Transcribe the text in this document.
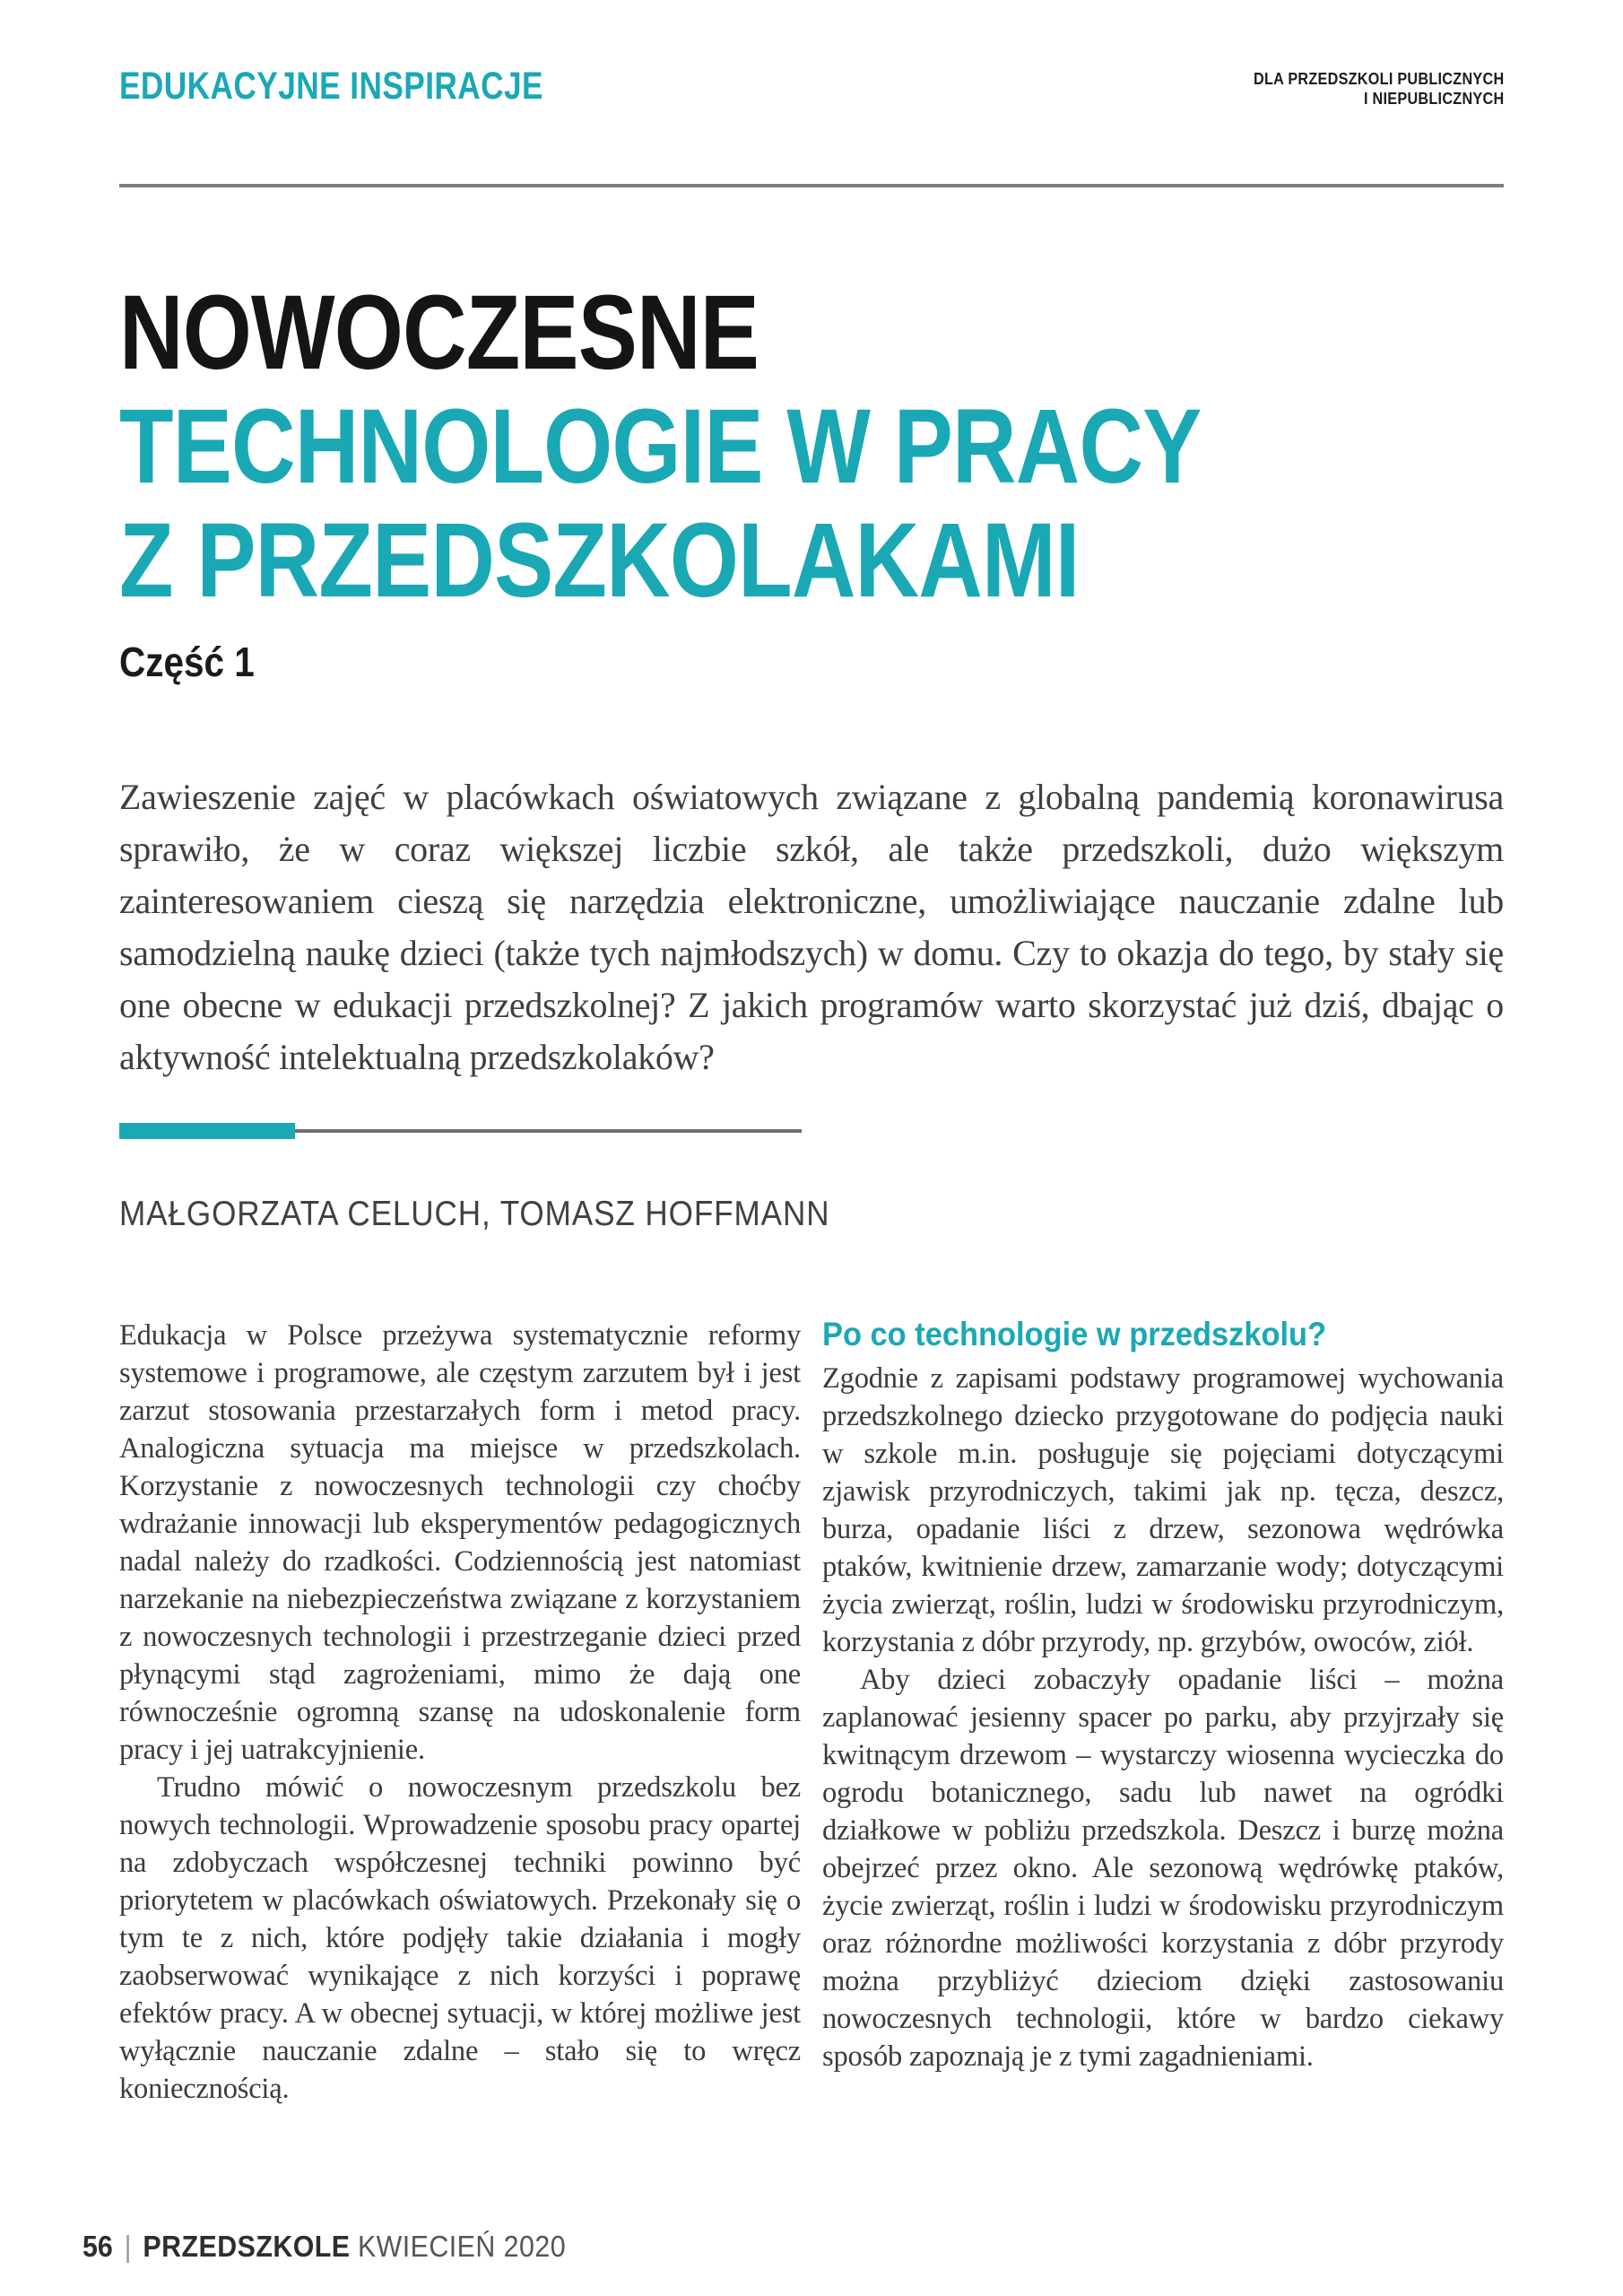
EDUKACYJNE INSPIRACJE	DLA PRZEDSZKOLI PUBLICZNYCH
I NIEPUBLICZNYCH
NOWOCZESNE
TECHNOLOGIE W PRACY
Z PRZEDSZKOLAKAMI
Część 1

Zawieszenie zajęć w placówkach oświatowych związane z globalną pandemią koronawirusa sprawiło, że w coraz większej liczbie szkół, ale także przedszkoli, dużo większym zainteresowaniem cieszą się narzędzia elektroniczne, umożliwiające nauczanie zdalne lub samodzielną naukę dzieci (także tych najmłodszych) w domu. Czy to okazja do tego, by stały się one obecne w edukacji przedszkolnej? Z jakich programów warto skorzystać już dziś, dbając o aktywność intelektualną przedszkolaków?

MAŁGORZATA CELUCH, TOMASZ HOFFMANN

Edukacja w Polsce przeżywa systematycznie reformy systemowe i programowe, ale częstym zarzutem był i jest zarzut stosowania przestarzałych form i metod pracy. Analogiczna sytuacja ma miejsce w przedszkolach. Korzystanie z nowoczesnych technologii czy choćby wdrażanie innowacji lub eksperymentów pedagogicznych nadal należy do rzadkości. Codziennością jest natomiast narzekanie na niebezpieczeństwa związane z korzystaniem z nowoczesnych technologii i przestrzeganie dzieci przed płynącymi stąd zagrożeniami, mimo że dają one równocześnie ogromną szansę na udoskonalenie form pracy i jej uatrakcyjnienie.

Trudno mówić o nowoczesnym przedszkolu bez nowych technologii. Wprowadzenie sposobu pracy opartej na zdobyczach współczesnej techniki powinno być priorytetem w placówkach oświatowych. Przekonały się o tym te z nich, które podjęły takie działania i mogły zaobserwować wynikające z nich korzyści i poprawę efektów pracy. A w obecnej sytuacji, w której możliwe jest wyłącznie nauczanie zdalne – stało się to wręcz koniecznością.

Po co technologie w przedszkolu?

Zgodnie z zapisami podstawy programowej wychowania przedszkolnego dziecko przygotowane do podjęcia nauki w szkole m.in. posługuje się pojęciami dotyczącymi zjawisk przyrodniczych, takimi jak np. tęcza, deszcz, burza, opadanie liści z drzew, sezonowa wędrówka ptaków, kwitnienie drzew, zamarzanie wody; dotyczącymi życia zwierząt, roślin, ludzi w środowisku przyrodniczym, korzystania z dóbr przyrody, np. grzybów, owoców, ziół.

Aby dzieci zobaczyły opadanie liści – można zaplanować jesienny spacer po parku, aby przyjrzały się kwitnącym drzewom – wystarczy wiosenna wycieczka do ogrodu botanicznego, sadu lub nawet na ogródki działkowe w pobliżu przedszkola. Deszcz i burzę można obejrzeć przez okno. Ale sezonową wędrówkę ptaków, życie zwierząt, roślin i ludzi w środowisku przyrodniczym oraz różnordne możliwości korzystania z dóbr przyrody można przybliżyć dzieciom dzięki zastosowaniu nowoczesnych technologii, które w bardzo ciekawy sposób zapoznają je z tymi zagadnieniami.

56 | PRZEDSZKOLE KWIECIEŃ 2020
